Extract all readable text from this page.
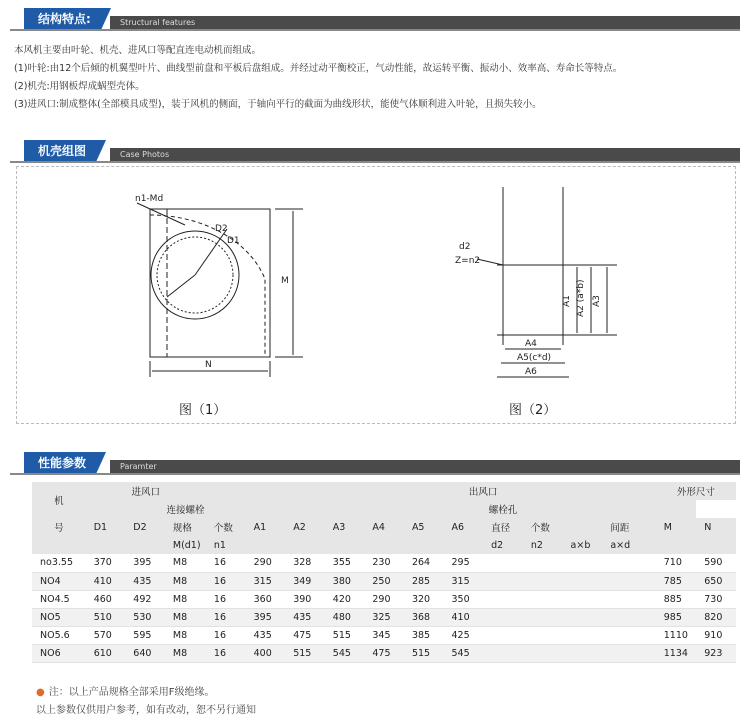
Structural features
结构特点:

本风机主要由叶轮、机壳、进风口等配直连电动机而组成。

(1)叶轮:由12个后倾的机翼型叶片、曲线型前盘和平板后盘组成。并经过动平衡校正，气动性能，故运转平衡、振动小、效率高、寿命长等特点。

(2)机壳:用钢板焊成蜗型壳体。

(3)进风口:制成整体(全部模具成型)，装于风机的侧面，于轴向平行的截面为曲线形状，能使气体顺利进入叶轮，且损失较小。

Case Photos
机壳组图
n1-Md
D2
D1
M
N
d2
Z=n2
A1 A2 (a*b) A3
A4
A5(c*d)
A6
图（1）	图（2）
Paramter
性能参数
机	进风口									出风口					外形尺寸	
		连接螺栓								螺栓孔						
号	D1	D2	规格	个数	A1	A2	A3	A4	A5	A6	直径	个数		间距	M	N
			M(d1)	n1							d2	n2	a×b	a×d		
no3.55	370	395	M8	16	290	328	355	230	264	295					710	590
NO4	410	435	M8	16	315	349	380	250	285	315					785	650
NO4.5	460	492	M8	16	360	390	420	290	320	350					885	730
NO5	510	530	M8	16	395	435	480	325	368	410					985	820
NO5.6	570	595	M8	16	435	475	515	345	385	425					1110	910
NO6	610	640	M8	16	400	515	545	475	515	545					1134	923
● 注：以上产品规格全部采用F级绝缘。
以上参数仅供用户参考，如有改动，恕不另行通知
